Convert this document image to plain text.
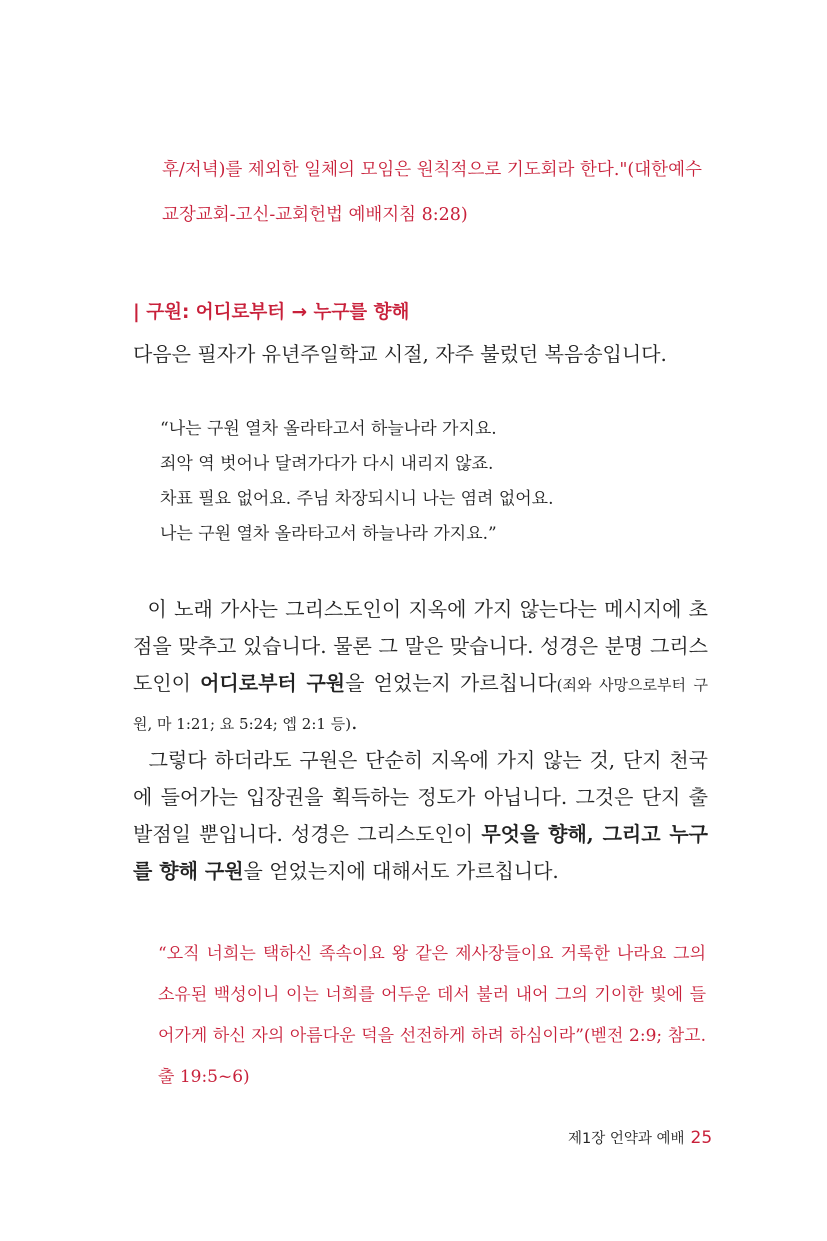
후/저녁)를 제외한 일체의 모임은 원칙적으로 기도회라 한다."(대한예수
교장교회-고신-교회헌법 예배지침 8:28)
| 구원: 어디로부터 → 누구를 향해
다음은 필자가 유년주일학교 시절, 자주 불렀던 복음송입니다.
“나는 구원 열차 올라타고서 하늘나라 가지요.
죄악 역 벗어나 달려가다가 다시 내리지 않죠.
차표 필요 없어요. 주님 차장되시니 나는 염려 없어요.
나는 구원 열차 올라타고서 하늘나라 가지요.”
이 노래 가사는 그리스도인이 지옥에 가지 않는다는 메시지에 초점을 맞추고 있습니다. 물론 그 말은 맞습니다. 성경은 분명 그리스도인이 어디로부터 구원을 얻었는지 가르칩니다(죄와 사망으로부터 구원, 마 1:21; 요 5:24; 엡 2:1 등).
그렇다 하더라도 구원은 단순히 지옥에 가지 않는 것, 단지 천국에 들어가는 입장권을 획득하는 정도가 아닙니다. 그것은 단지 출발점일 뿐입니다. 성경은 그리스도인이 무엇을 향해, 그리고 누구를 향해 구원을 얻었는지에 대해서도 가르칩니다.
“오직 너희는 택하신 족속이요 왕 같은 제사장들이요 거룩한 나라요 그의 소유된 백성이니 이는 너희를 어두운 데서 불러 내어 그의 기이한 빛에 들어가게 하신 자의 아름다운 덕을 선전하게 하려 하심이라”(벧전 2:9; 참고. 출 19:5~6)
제1장 언약과 예배 25
